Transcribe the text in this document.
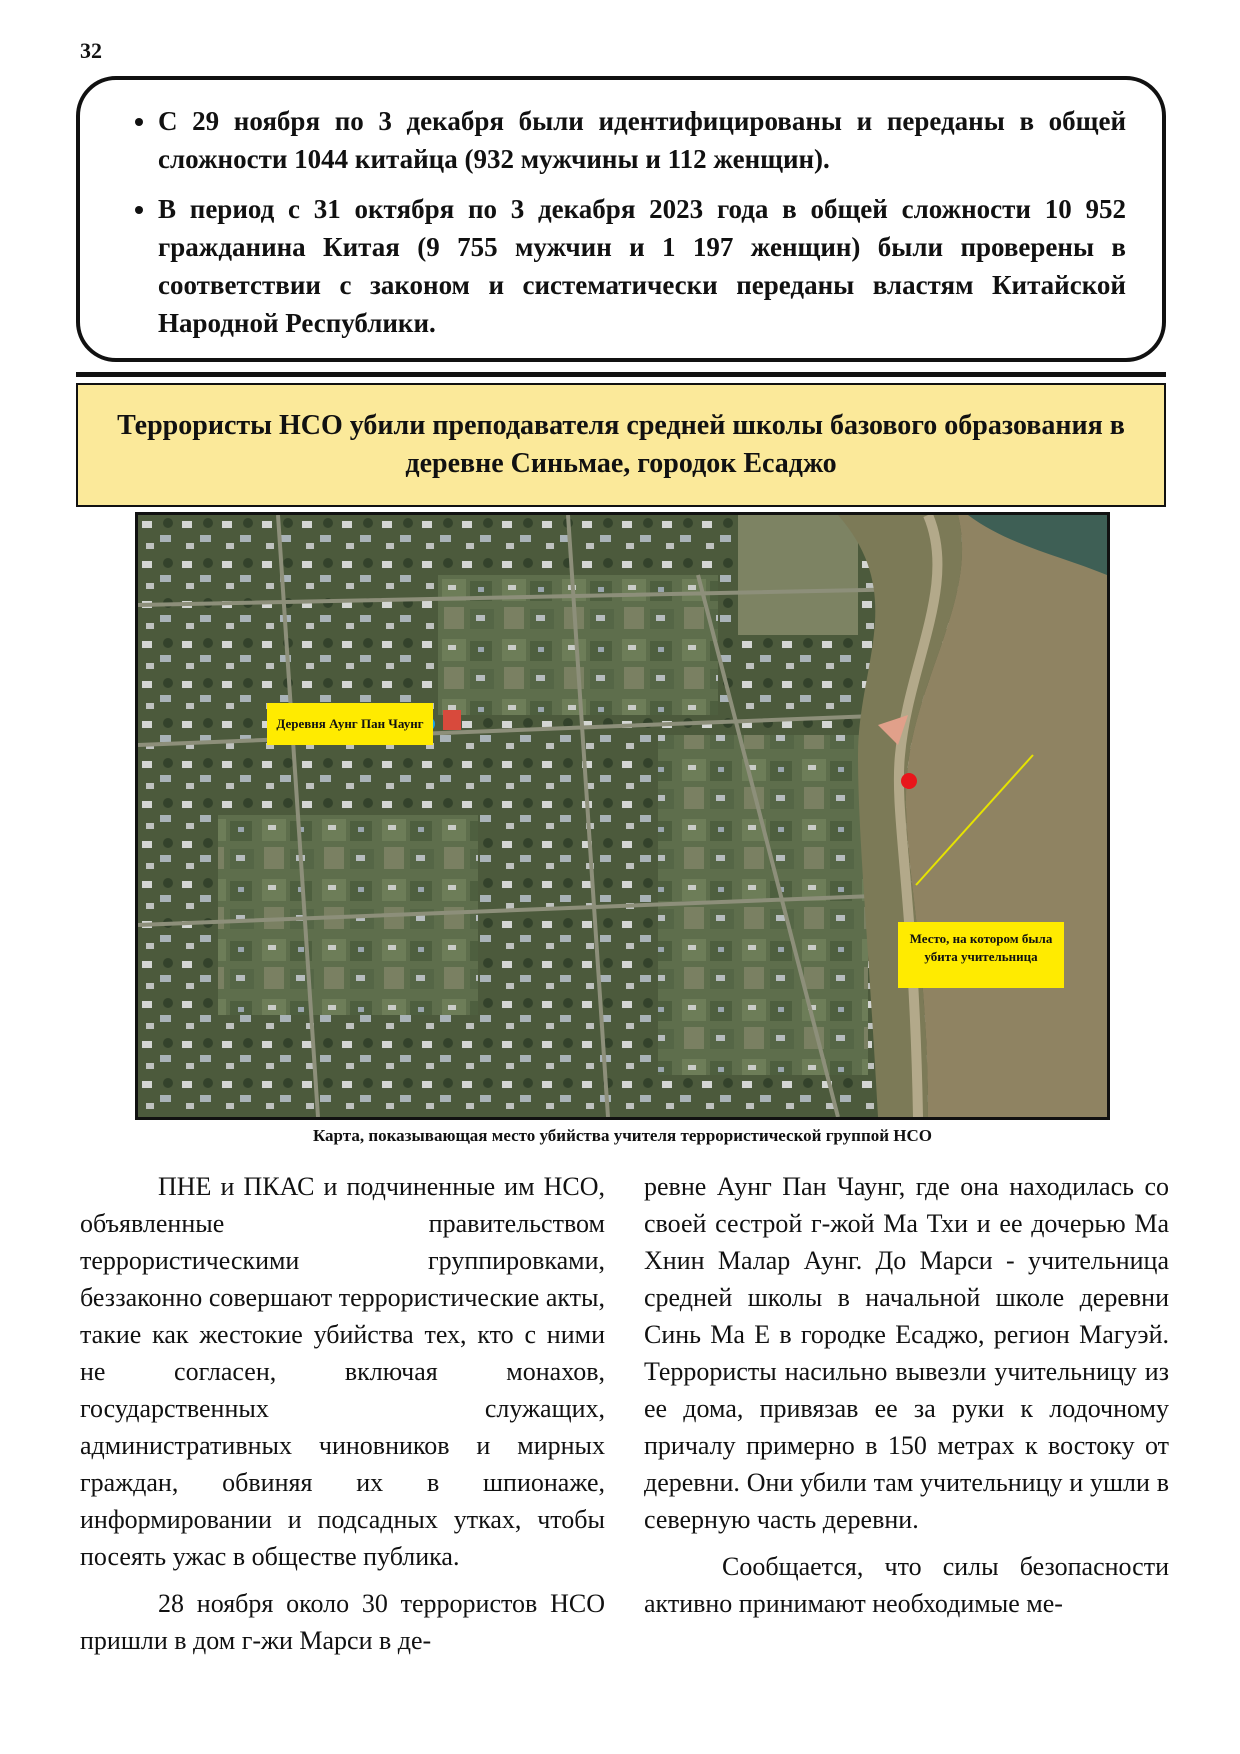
32
• С 29 ноября по 3 декабря были идентифицированы и переданы в общей сложности 1044 китайца (932 мужчины и 112 женщин).
• В период с 31 октября по 3 декабря 2023 года в общей сложности 10 952 гражданина Китая (9 755 мужчин и 1 197 женщин) были проверены в соответствии с законом и систематически переданы властям Китайской Народной Республики.
Террористы НСО убили преподавателя средней школы базового образования в деревне Синьмае, городок Есаджо
Деревня Аунг Пан Чаунг
Место, на котором была убита учительница
Карта, показывающая место убийства учителя террористической группой НСО

ПНЕ и ПКАС и подчиненные им НСО, объявленные правительством террористическими группировками, беззаконно совершают террористические акты, такие как жестокие убийства тех, кто с ними не согласен, включая монахов, государственных служащих, административных чиновников и мирных граждан, обвиняя их в шпионаже, информировании и подсадных утках, чтобы посеять ужас в обществе публика.

28 ноября около 30 террористов НСО пришли в дом г-жи Марси в де-

ревне Аунг Пан Чаунг, где она находилась со своей сестрой г-жой Ма Тхи и ее дочерью Ма Хнин Малар Аунг. До Марси - учительница средней школы в начальной школе деревни Синь Ма Е в городке Есаджо, регион Магуэй. Террористы насильно вывезли учительницу из ее дома, привязав ее за руки к лодочному причалу примерно в 150 метрах к востоку от деревни. Они убили там учительницу и ушли в северную часть деревни.

Сообщается, что силы безопасности активно принимают необходимые ме-
